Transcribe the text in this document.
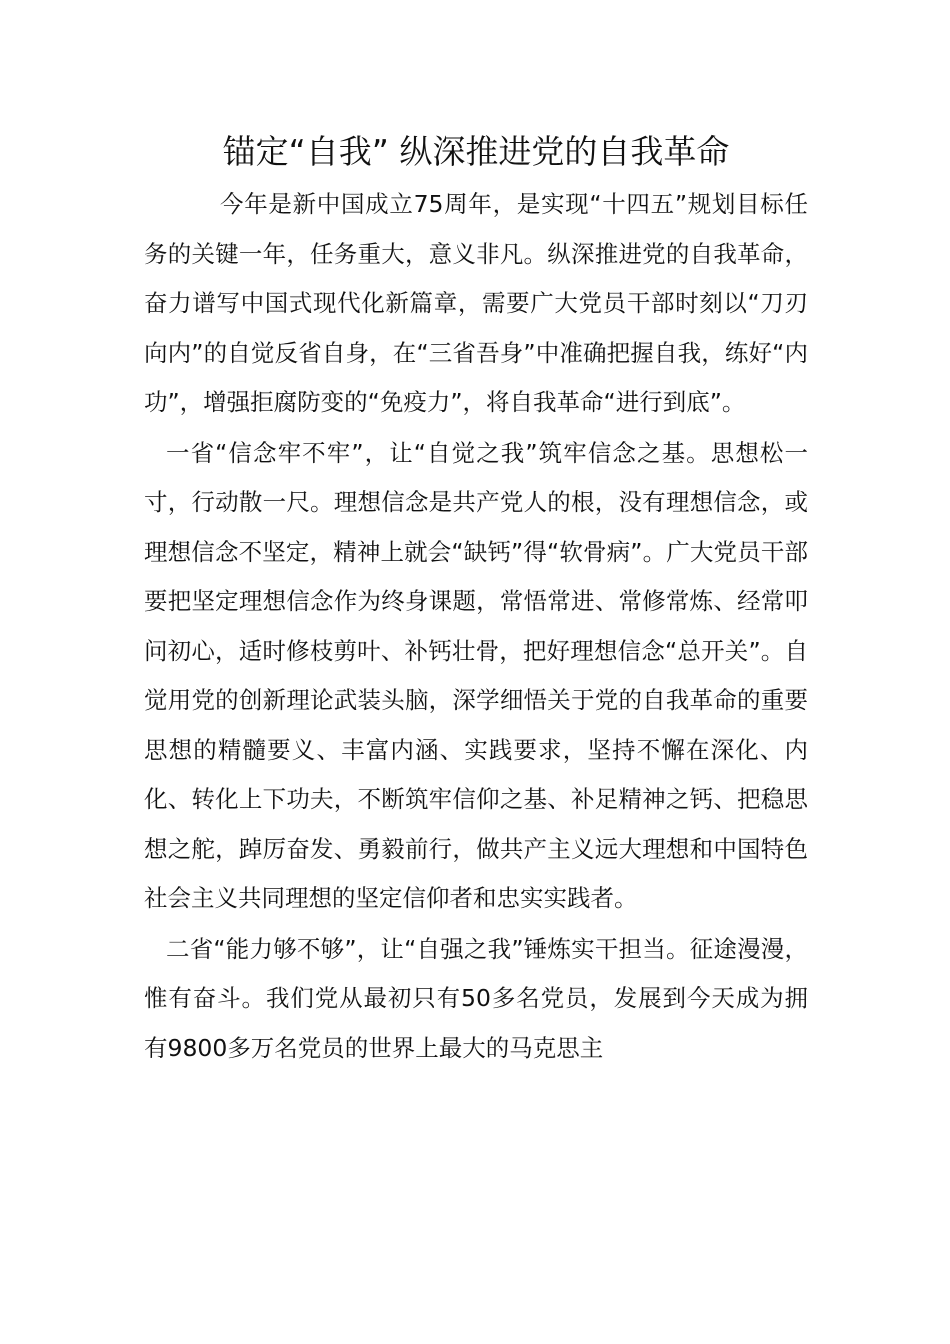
锚定“自我” 纵深推进党的自我革命

今年是新中国成立75周年，是实现“十四五”规划目标任务的关键一年，任务重大，意义非凡。纵深推进党的自我革命，奋力谱写中国式现代化新篇章，需要广大党员干部时刻以“刀刃向内”的自觉反省自身，在“三省吾身”中准确把握自我，练好“内功”，增强拒腐防变的“免疫力”，将自我革命“进行到底”。

一省“信念牢不牢”，让“自觉之我”筑牢信念之基。思想松一寸，行动散一尺。理想信念是共产党人的根，没有理想信念，或理想信念不坚定，精神上就会“缺钙”得“软骨病”。广大党员干部要把坚定理想信念作为终身课题，常悟常进、常修常炼、经常叩问初心，适时修枝剪叶、补钙壮骨，把好理想信念“总开关”。自觉用党的创新理论武装头脑，深学细悟关于党的自我革命的重要思想的精髓要义、丰富内涵、实践要求，坚持不懈在深化、内化、转化上下功夫，不断筑牢信仰之基、补足精神之钙、把稳思想之舵，踔厉奋发、勇毅前行，做共产主义远大理想和中国特色社会主义共同理想的坚定信仰者和忠实实践者。

二省“能力够不够”，让“自强之我”锤炼实干担当。征途漫漫，惟有奋斗。我们党从最初只有50多名党员，发展到今天成为拥有9800多万名党员的世界上最大的马克思主
